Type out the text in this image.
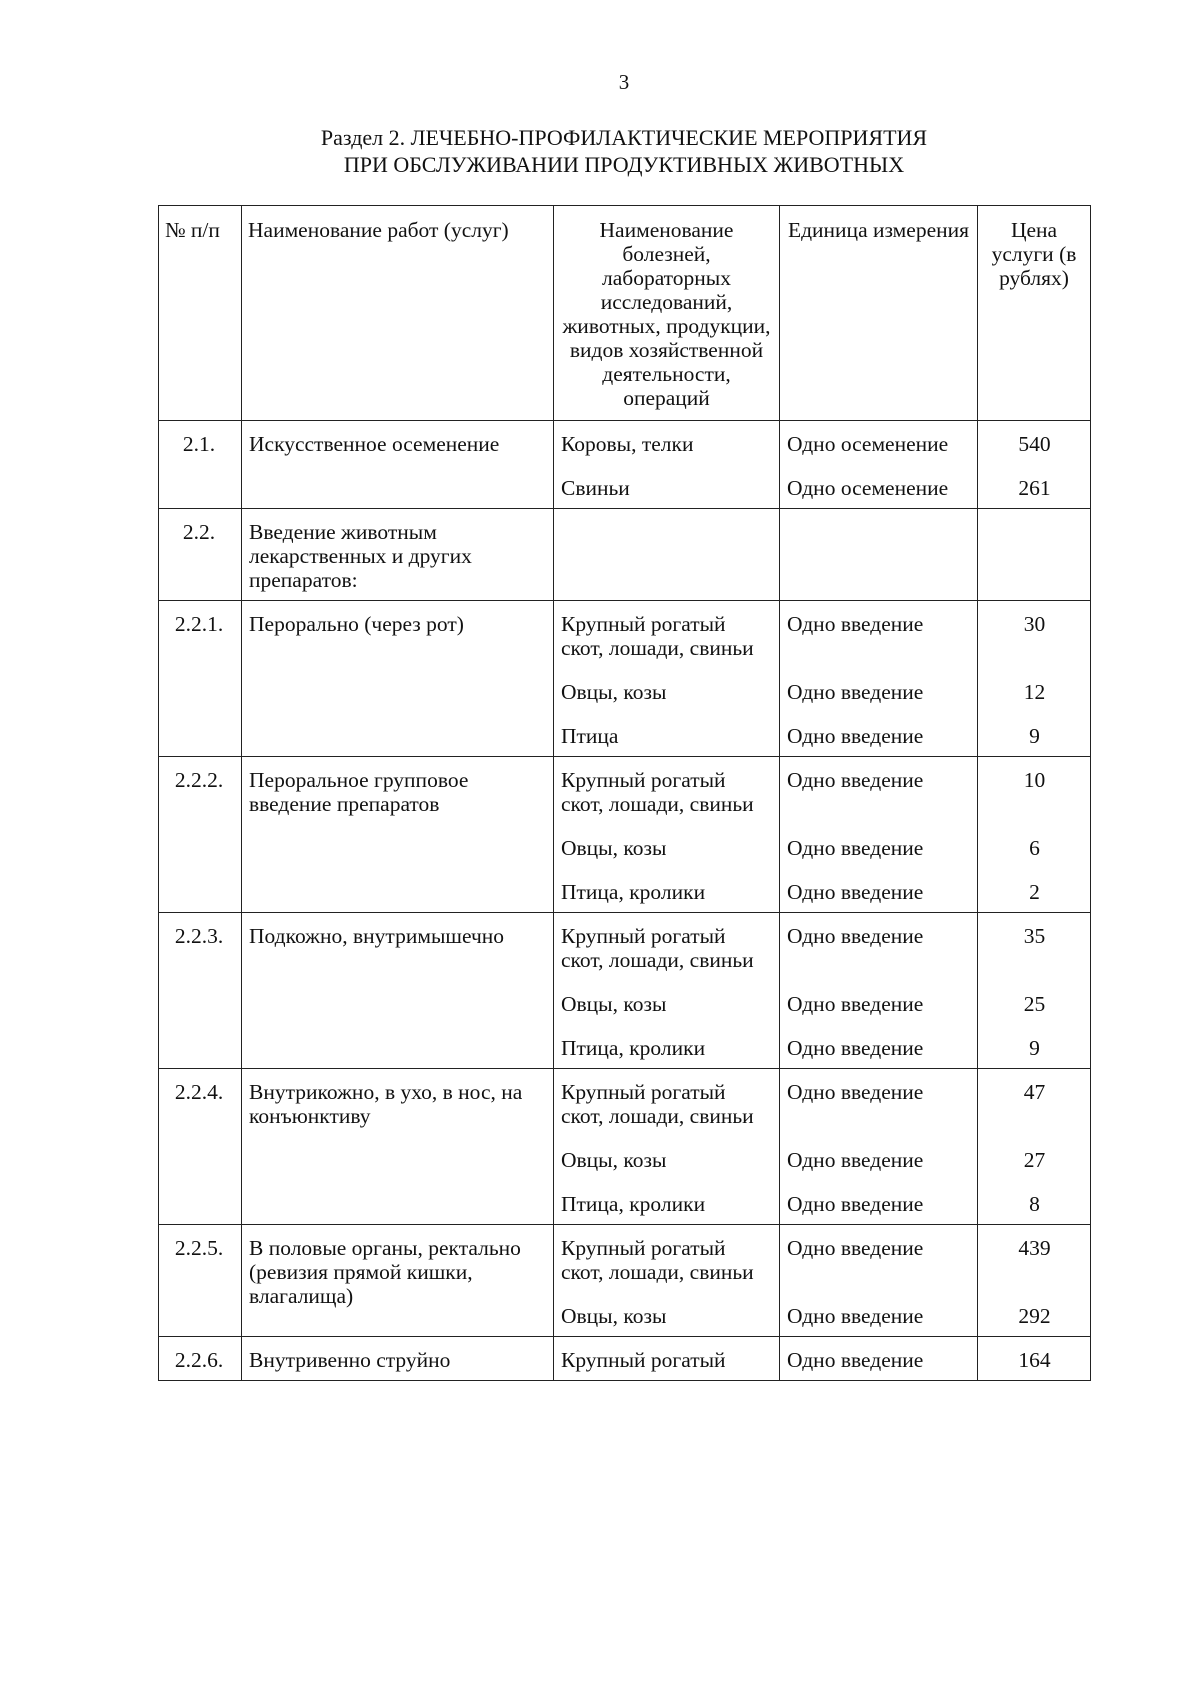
3
Раздел 2. ЛЕЧЕБНО-ПРОФИЛАКТИЧЕСКИЕ МЕРОПРИЯТИЯ
ПРИ ОБСЛУЖИВАНИИ ПРОДУКТИВНЫХ ЖИВОТНЫХ
№ п/п	Наименование работ (услуг)	Наименование болезней, лабораторных исследований, животных, продукции, видов хозяйственной деятельности, операций	Единица измерения	Цена услуги (в рублях)
2.1.	Искусственное осеменение	Коровы, телки	Одно осеменение	540
		Свиньи	Одно осеменение	261
2.2.	Введение животным лекарственных и других препаратов:			
2.2.1.	Перорально (через рот)	Крупный рогатый скот, лошади, свиньи	Одно введение	30
		Овцы, козы	Одно введение	12
		Птица	Одно введение	9
2.2.2.	Пероральное групповое введение препаратов	Крупный рогатый скот, лошади, свиньи	Одно введение	10
		Овцы, козы	Одно введение	6
		Птица, кролики	Одно введение	2
2.2.3.	Подкожно, внутримышечно	Крупный рогатый скот, лошади, свиньи	Одно введение	35
		Овцы, козы	Одно введение	25
		Птица, кролики	Одно введение	9
2.2.4.	Внутрикожно, в ухо, в нос, на конъюнктиву	Крупный рогатый скот, лошади, свиньи	Одно введение	47
		Овцы, козы	Одно введение	27
		Птица, кролики	Одно введение	8
2.2.5.	В половые органы, ректально (ревизия прямой кишки, влагалища)	Крупный рогатый скот, лошади, свиньи	Одно введение	439
		Овцы, козы	Одно введение	292
2.2.6.	Внутривенно струйно	Крупный рогатый	Одно введение	164
